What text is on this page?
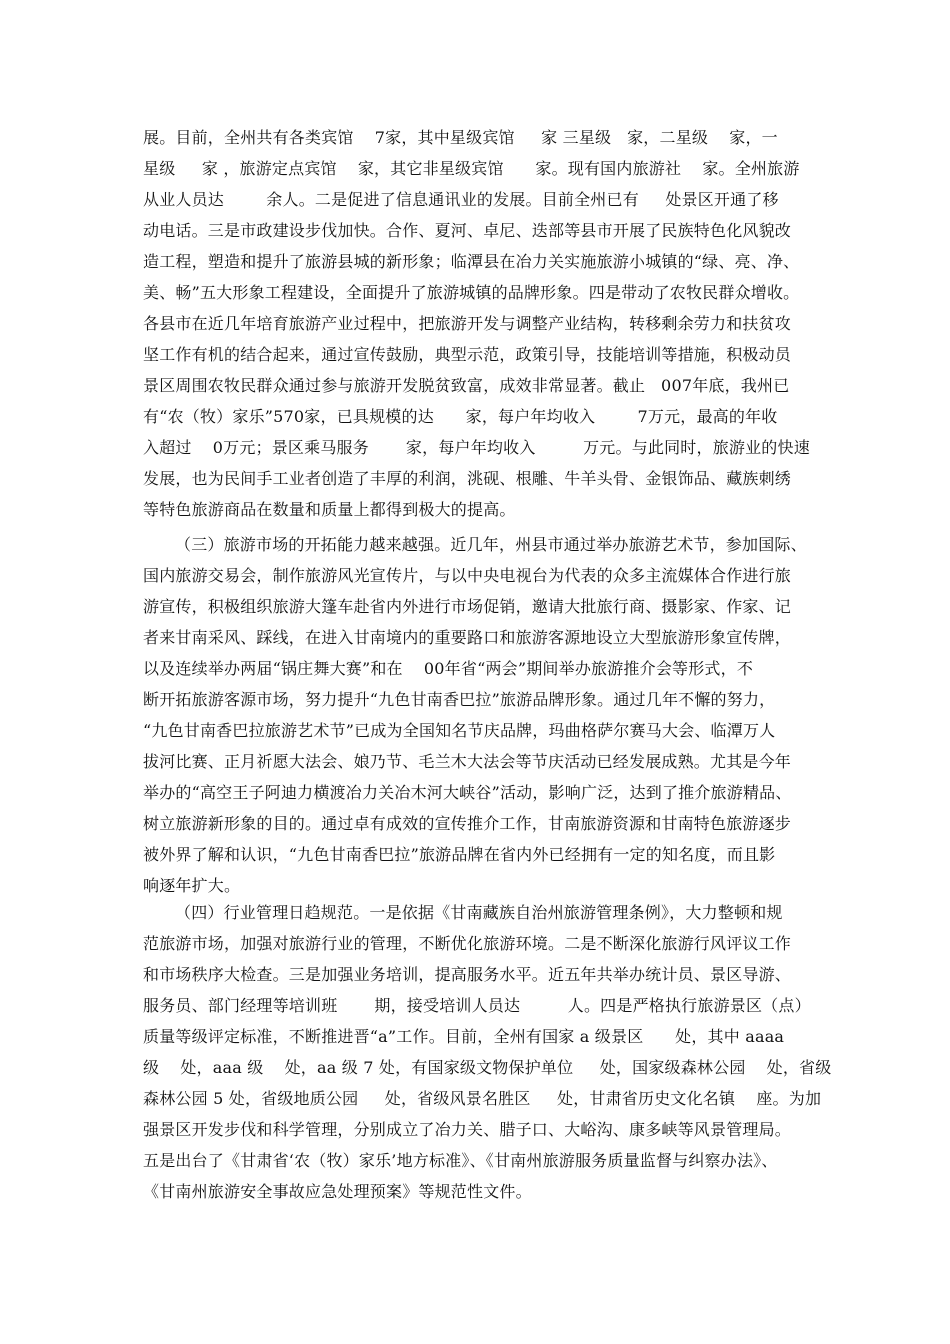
展。目前，全州共有各类宾馆    7家，其中星级宾馆     家 三星级   家，二星级    家，一
星级     家 ，旅游定点宾馆    家，其它非星级宾馆      家。现有国内旅游社    家。全州旅游
从业人员达        余人。二是促进了信息通讯业的发展。目前全州已有     处景区开通了移
动电话。三是市政建设步伐加快。合作、夏河、卓尼、迭部等县市开展了民族特色化风貌改
造工程，塑造和提升了旅游县城的新形象；临潭县在冶力关实施旅游小城镇的“绿、亮、净、
美、畅”五大形象工程建设，全面提升了旅游城镇的品牌形象。四是带动了农牧民群众增收。
各县市在近几年培育旅游产业过程中，把旅游开发与调整产业结构，转移剩余劳力和扶贫攻
坚工作有机的结合起来，通过宣传鼓励，典型示范，政策引导，技能培训等措施，积极动员
景区周围农牧民群众通过参与旅游开发脱贫致富，成效非常显著。截止   007年底，我州已
有“农（牧）家乐”570家，已具规模的达      家，每户年均收入        7万元，最高的年收
入超过    0万元；景区乘马服务       家，每户年均收入         万元。与此同时，旅游业的快速
发展，也为民间手工业者创造了丰厚的利润，洮砚、根雕、牛羊头骨、金银饰品、藏族刺绣
等特色旅游商品在数量和质量上都得到极大的提高。
（三）旅游市场的开拓能力越来越强。近几年，州县市通过举办旅游艺术节，参加国际、
国内旅游交易会，制作旅游风光宣传片，与以中央电视台为代表的众多主流媒体合作进行旅
游宣传，积极组织旅游大篷车赴省内外进行市场促销，邀请大批旅行商、摄影家、作家、记
者来甘南采风、踩线，在进入甘南境内的重要路口和旅游客源地设立大型旅游形象宣传牌，
以及连续举办两届“锅庄舞大赛”和在    00年省“两会”期间举办旅游推介会等形式，不
断开拓旅游客源市场，努力提升“九色甘南香巴拉”旅游品牌形象。通过几年不懈的努力，
“九色甘南香巴拉旅游艺术节”已成为全国知名节庆品牌，玛曲格萨尔赛马大会、临潭万人
拔河比赛、正月祈愿大法会、娘乃节、毛兰木大法会等节庆活动已经发展成熟。尤其是今年
举办的“高空王子阿迪力横渡冶力关冶木河大峡谷”活动，影响广泛，达到了推介旅游精品、
树立旅游新形象的目的。通过卓有成效的宣传推介工作，甘南旅游资源和甘南特色旅游逐步
被外界了解和认识，“九色甘南香巴拉”旅游品牌在省内外已经拥有一定的知名度，而且影
响逐年扩大。
（四）行业管理日趋规范。一是依据《甘南藏族自治州旅游管理条例》，大力整顿和规
范旅游市场，加强对旅游行业的管理，不断优化旅游环境。二是不断深化旅游行风评议工作
和市场秩序大检查。三是加强业务培训，提高服务水平。近五年共举办统计员、景区导游、
服务员、部门经理等培训班       期，接受培训人员达         人。四是严格执行旅游景区（点）
质量等级评定标准，不断推进晋“a”工作。目前，全州有国家 a 级景区      处，其中 aaaa
级    处，aaa 级    处，aa 级 7 处，有国家级文物保护单位     处，国家级森林公园    处，省级
森林公园 5 处，省级地质公园     处，省级风景名胜区     处，甘肃省历史文化名镇    座。为加
强景区开发步伐和科学管理，分别成立了冶力关、腊子口、大峪沟、康多峡等风景管理局。
五是出台了《甘肃省‘农（牧）家乐’地方标准》、《甘南州旅游服务质量监督与纠察办法》、
《甘南州旅游安全事故应急处理预案》等规范性文件。
